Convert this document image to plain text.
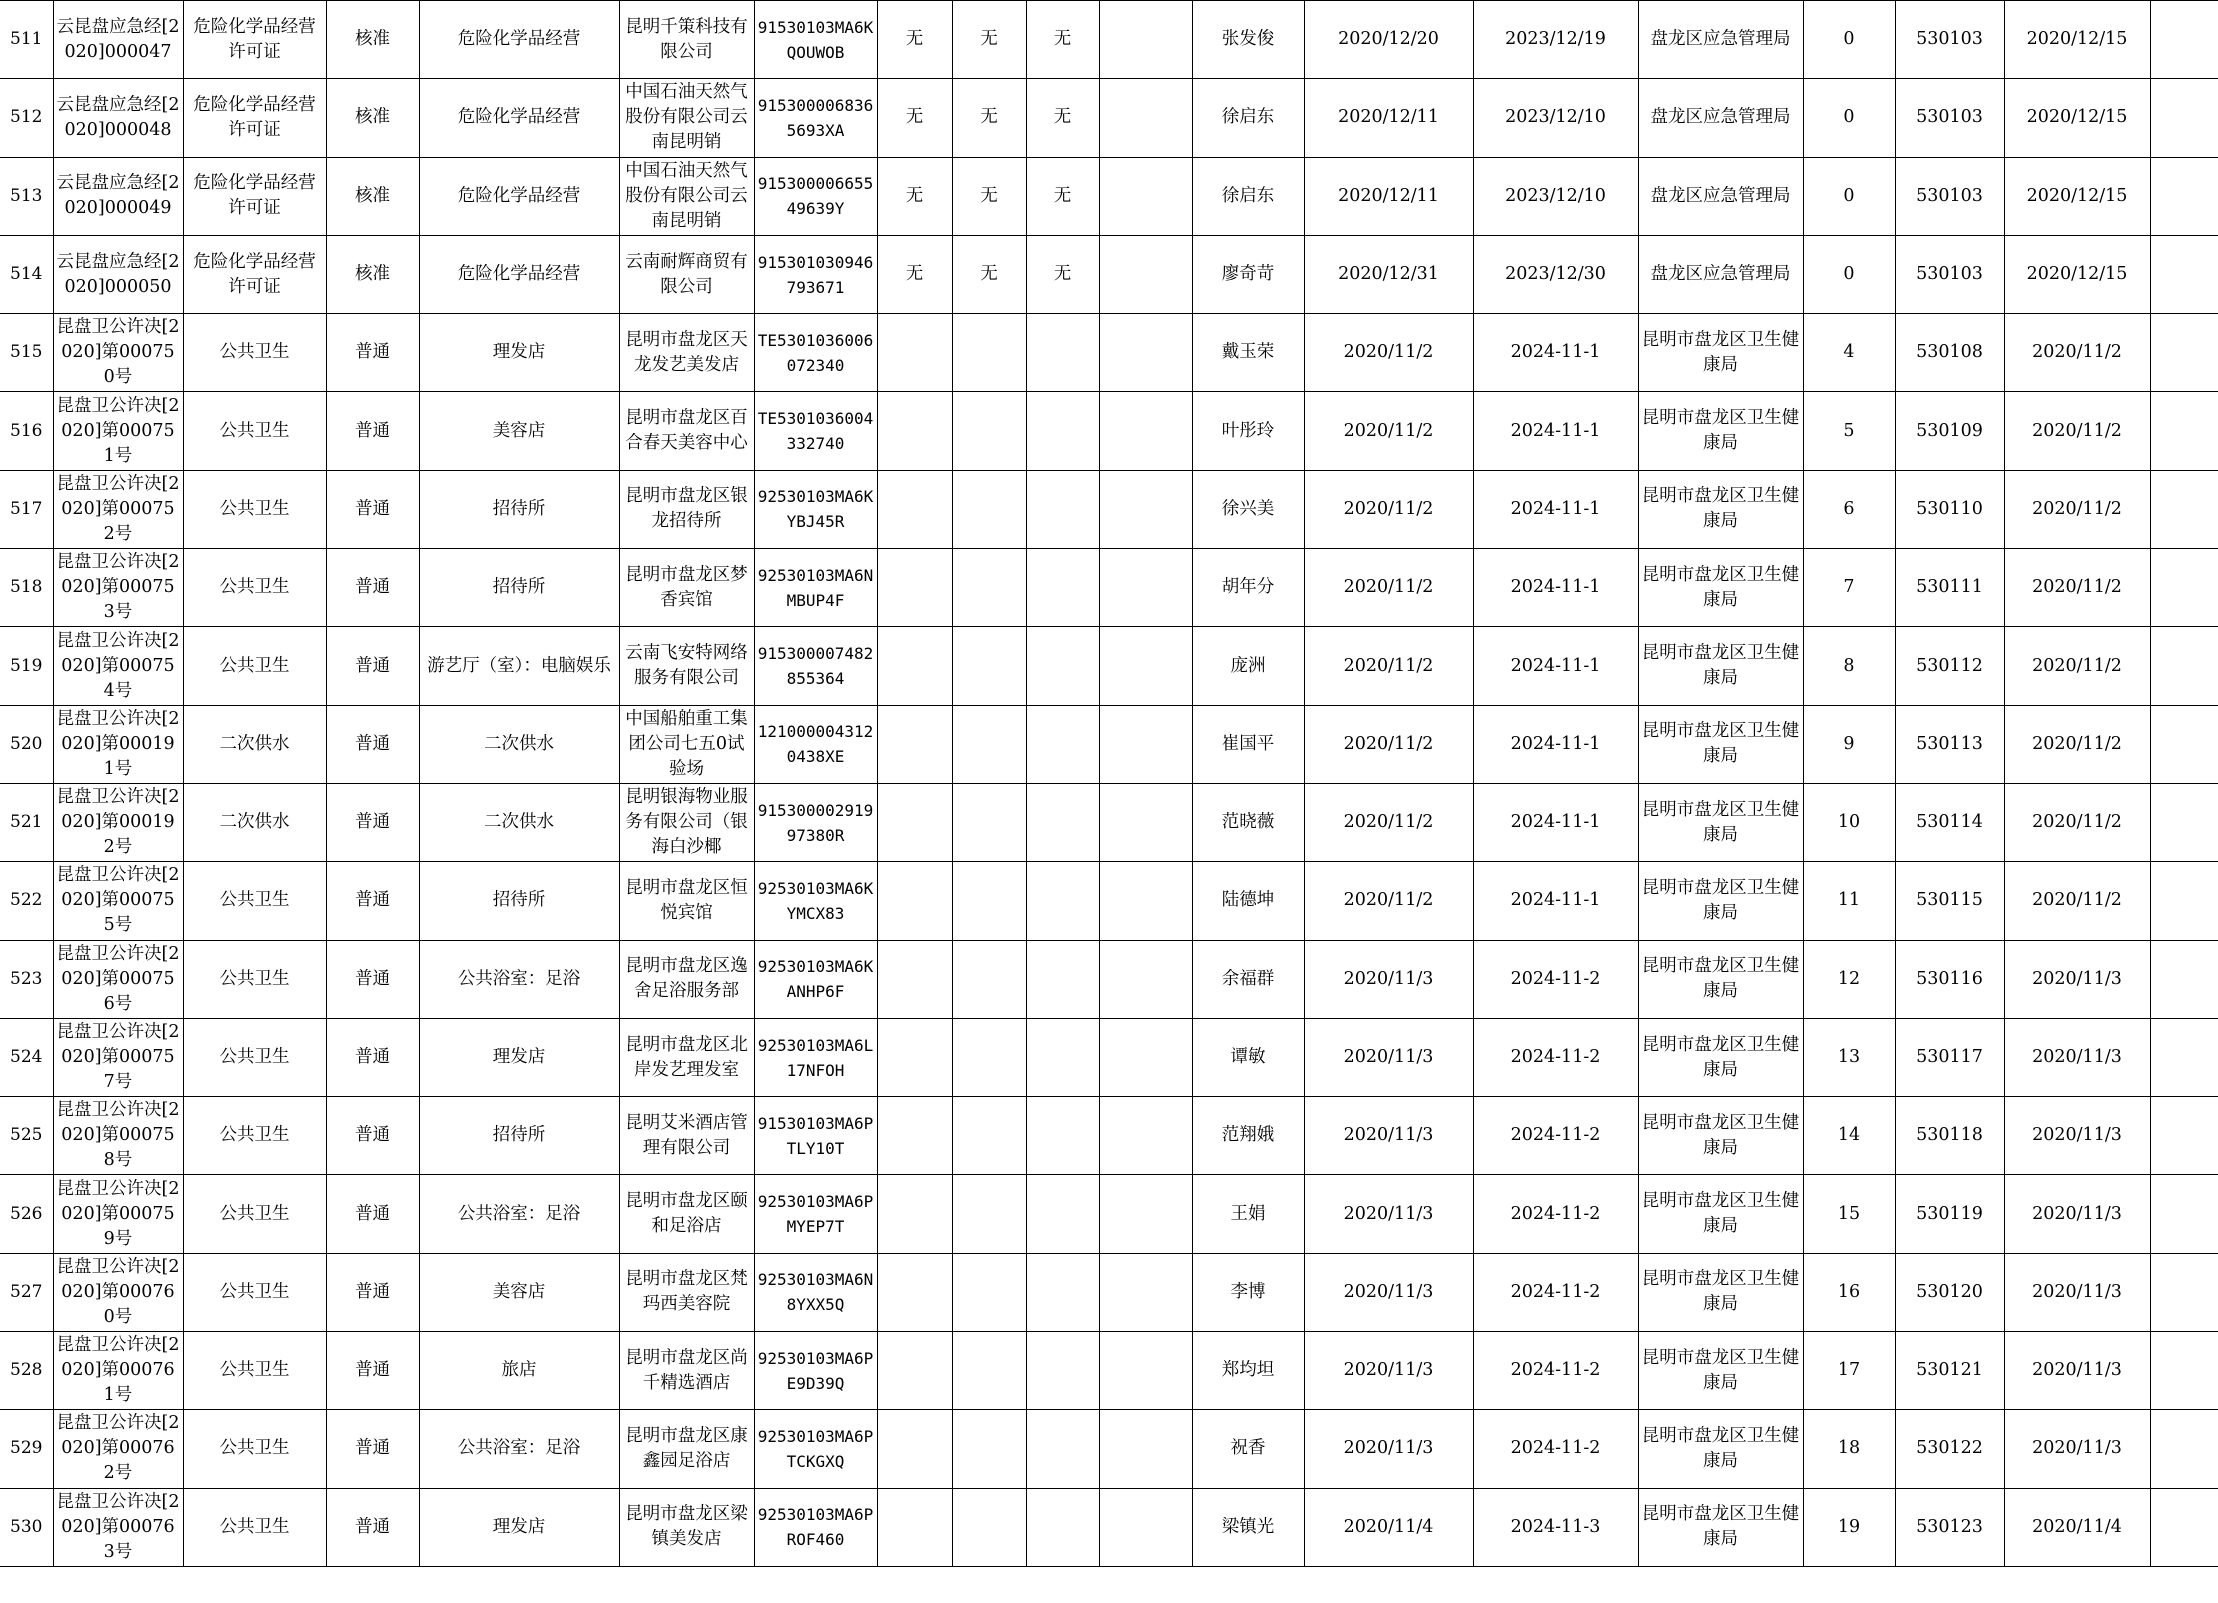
511	云昆盘应急经[2020]000047	危险化学品经营许可证	核准	危险化学品经营	昆明千策科技有限公司	91530103MA6KQOUWOB	无	无	无		张发俊	2020/12/20	2023/12/19	盘龙区应急管理局	0	530103	2020/12/15	

512	云昆盘应急经[2020]000048	危险化学品经营许可证	核准	危险化学品经营	中国石油天然气股份有限公司云南昆明销	9153000068365693XA	无	无	无		徐启东	2020/12/11	2023/12/10	盘龙区应急管理局	0	530103	2020/12/15	

513	云昆盘应急经[2020]000049	危险化学品经营许可证	核准	危险化学品经营	中国石油天然气股份有限公司云南昆明销	91530000665549639Y	无	无	无		徐启东	2020/12/11	2023/12/10	盘龙区应急管理局	0	530103	2020/12/15	

514	云昆盘应急经[2020]000050	危险化学品经营许可证	核准	危险化学品经营	云南耐辉商贸有限公司	915301030946793671	无	无	无		廖奇苛	2020/12/31	2023/12/30	盘龙区应急管理局	0	530103	2020/12/15	

515	昆盘卫公许决[2020]第000750号	公共卫生	普通	理发店	昆明市盘龙区天龙发艺美发店	TE5301036006072340					戴玉荣	2020/11/2	2024-11-1	昆明市盘龙区卫生健康局	4	530108	2020/11/2	

516	昆盘卫公许决[2020]第000751号	公共卫生	普通	美容店	昆明市盘龙区百合春天美容中心	TE5301036004332740					叶彤玲	2020/11/2	2024-11-1	昆明市盘龙区卫生健康局	5	530109	2020/11/2	

517	昆盘卫公许决[2020]第000752号	公共卫生	普通	招待所	昆明市盘龙区银龙招待所	92530103MA6KYBJ45R					徐兴美	2020/11/2	2024-11-1	昆明市盘龙区卫生健康局	6	530110	2020/11/2	

518	昆盘卫公许决[2020]第000753号	公共卫生	普通	招待所	昆明市盘龙区梦香宾馆	92530103MA6NMBUP4F					胡年分	2020/11/2	2024-11-1	昆明市盘龙区卫生健康局	7	530111	2020/11/2	

519	昆盘卫公许决[2020]第000754号	公共卫生	普通	游艺厅（室）：电脑娱乐	云南飞安特网络服务有限公司	915300007482855364					庞洲	2020/11/2	2024-11-1	昆明市盘龙区卫生健康局	8	530112	2020/11/2	

520	昆盘卫公许决[2020]第000191号	二次供水	普通	二次供水	中国船舶重工集团公司七五0试验场	1210000043120438XE					崔国平	2020/11/2	2024-11-1	昆明市盘龙区卫生健康局	9	530113	2020/11/2	

521	昆盘卫公许决[2020]第000192号	二次供水	普通	二次供水	昆明银海物业服务有限公司（银海白沙椰	91530000291997380R					范晓薇	2020/11/2	2024-11-1	昆明市盘龙区卫生健康局	10	530114	2020/11/2	

522	昆盘卫公许决[2020]第000755号	公共卫生	普通	招待所	昆明市盘龙区恒悦宾馆	92530103MA6KYMCX83					陆德坤	2020/11/2	2024-11-1	昆明市盘龙区卫生健康局	11	530115	2020/11/2	

523	昆盘卫公许决[2020]第000756号	公共卫生	普通	公共浴室：足浴	昆明市盘龙区逸舍足浴服务部	92530103MA6KANHP6F					余福群	2020/11/3	2024-11-2	昆明市盘龙区卫生健康局	12	530116	2020/11/3	

524	昆盘卫公许决[2020]第000757号	公共卫生	普通	理发店	昆明市盘龙区北岸发艺理发室	92530103MA6L17NFOH					谭敏	2020/11/3	2024-11-2	昆明市盘龙区卫生健康局	13	530117	2020/11/3	

525	昆盘卫公许决[2020]第000758号	公共卫生	普通	招待所	昆明艾米酒店管理有限公司	91530103MA6PTLY10T					范翔娥	2020/11/3	2024-11-2	昆明市盘龙区卫生健康局	14	530118	2020/11/3	

526	昆盘卫公许决[2020]第000759号	公共卫生	普通	公共浴室：足浴	昆明市盘龙区颐和足浴店	92530103MA6PMYEP7T					王娟	2020/11/3	2024-11-2	昆明市盘龙区卫生健康局	15	530119	2020/11/3	

527	昆盘卫公许决[2020]第000760号	公共卫生	普通	美容店	昆明市盘龙区梵玛西美容院	92530103MA6N8YXX5Q					李博	2020/11/3	2024-11-2	昆明市盘龙区卫生健康局	16	530120	2020/11/3	

528	昆盘卫公许决[2020]第000761号	公共卫生	普通	旅店	昆明市盘龙区尚千精选酒店	92530103MA6PE9D39Q					郑均坦	2020/11/3	2024-11-2	昆明市盘龙区卫生健康局	17	530121	2020/11/3	

529	昆盘卫公许决[2020]第000762号	公共卫生	普通	公共浴室：足浴	昆明市盘龙区康鑫园足浴店	92530103MA6PTCKGXQ					祝香	2020/11/3	2024-11-2	昆明市盘龙区卫生健康局	18	530122	2020/11/3	

530	昆盘卫公许决[2020]第000763号	公共卫生	普通	理发店	昆明市盘龙区梁镇美发店	92530103MA6PROF460					梁镇光	2020/11/4	2024-11-3	昆明市盘龙区卫生健康局	19	530123	2020/11/4	
